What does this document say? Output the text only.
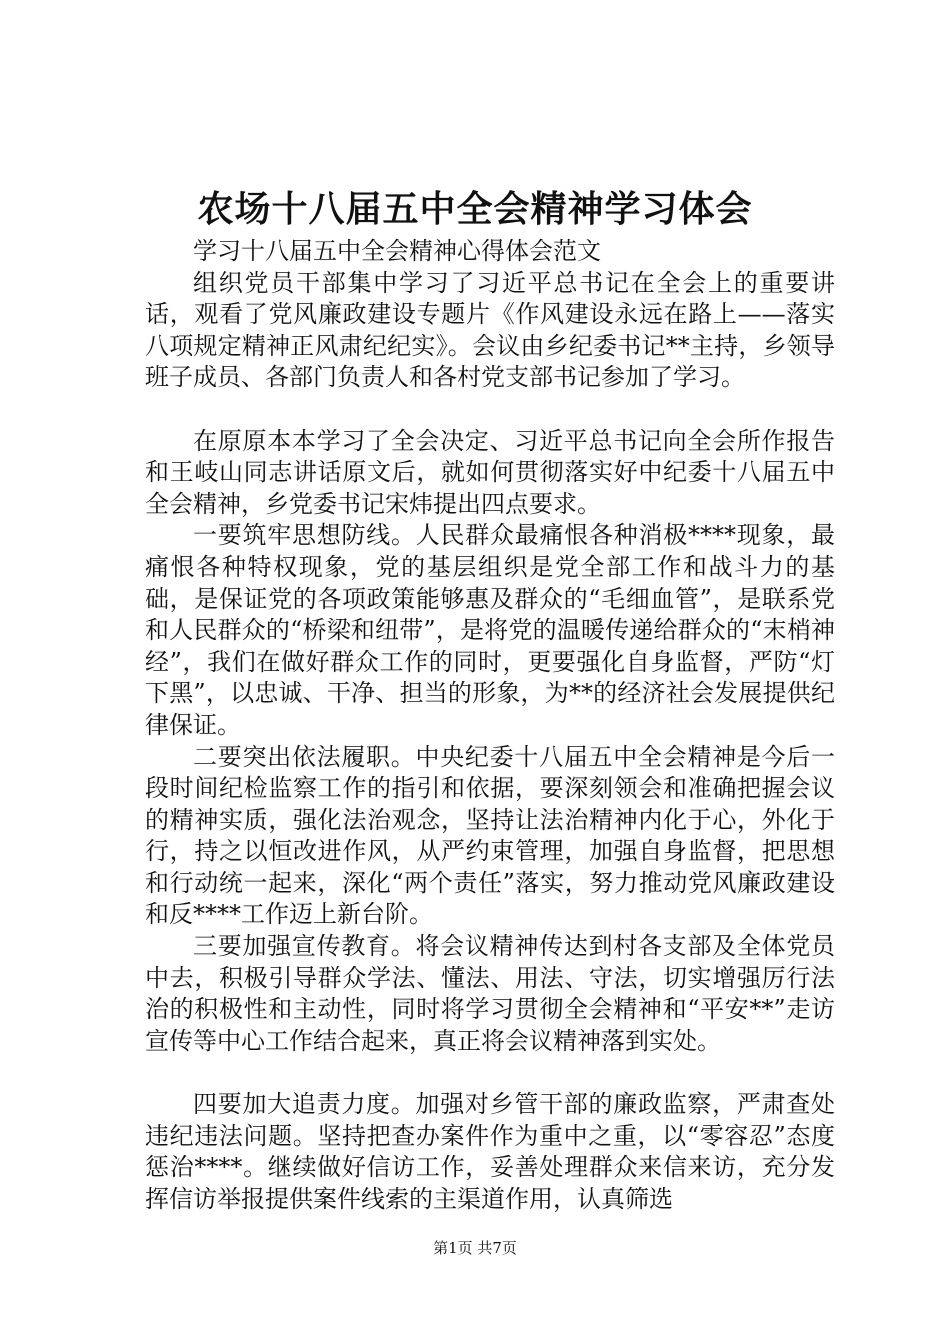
农场十八届五中全会精神学习体会

学习十八届五中全会精神心得体会范文

组织党员干部集中学习了习近平总书记在全会上的重要讲话，观看了党风廉政建设专题片《作风建设永远在路上——落实八项规定精神正风肃纪纪实》。会议由乡纪委书记**主持，乡领导班子成员、各部门负责人和各村党支部书记参加了学习。

在原原本本学习了全会决定、习近平总书记向全会所作报告和王岐山同志讲话原文后，就如何贯彻落实好中纪委十八届五中全会精神，乡党委书记宋炜提出四点要求。

一要筑牢思想防线。人民群众最痛恨各种消极****现象，最痛恨各种特权现象，党的基层组织是党全部工作和战斗力的基础，是保证党的各项政策能够惠及群众的“毛细血管”，是联系党和人民群众的“桥梁和纽带”，是将党的温暖传递给群众的“末梢神经”，我们在做好群众工作的同时，更要强化自身监督，严防“灯下黑”，以忠诚、干净、担当的形象，为**的经济社会发展提供纪律保证。

二要突出依法履职。中央纪委十八届五中全会精神是今后一段时间纪检监察工作的指引和依据，要深刻领会和准确把握会议的精神实质，强化法治观念，坚持让法治精神内化于心，外化于行，持之以恒改进作风，从严约束管理，加强自身监督，把思想和行动统一起来，深化“两个责任”落实，努力推动党风廉政建设和反****工作迈上新台阶。

三要加强宣传教育。将会议精神传达到村各支部及全体党员中去，积极引导群众学法、懂法、用法、守法，切实增强厉行法治的积极性和主动性，同时将学习贯彻全会精神和“平安**”走访宣传等中心工作结合起来，真正将会议精神落到实处。

四要加大追责力度。加强对乡管干部的廉政监察，严肃查处违纪违法问题。坚持把查办案件作为重中之重，以“零容忍”态度惩治****。继续做好信访工作，妥善处理群众来信来访，充分发挥信访举报提供案件线索的主渠道作用，认真筛选

第1页 共7页
